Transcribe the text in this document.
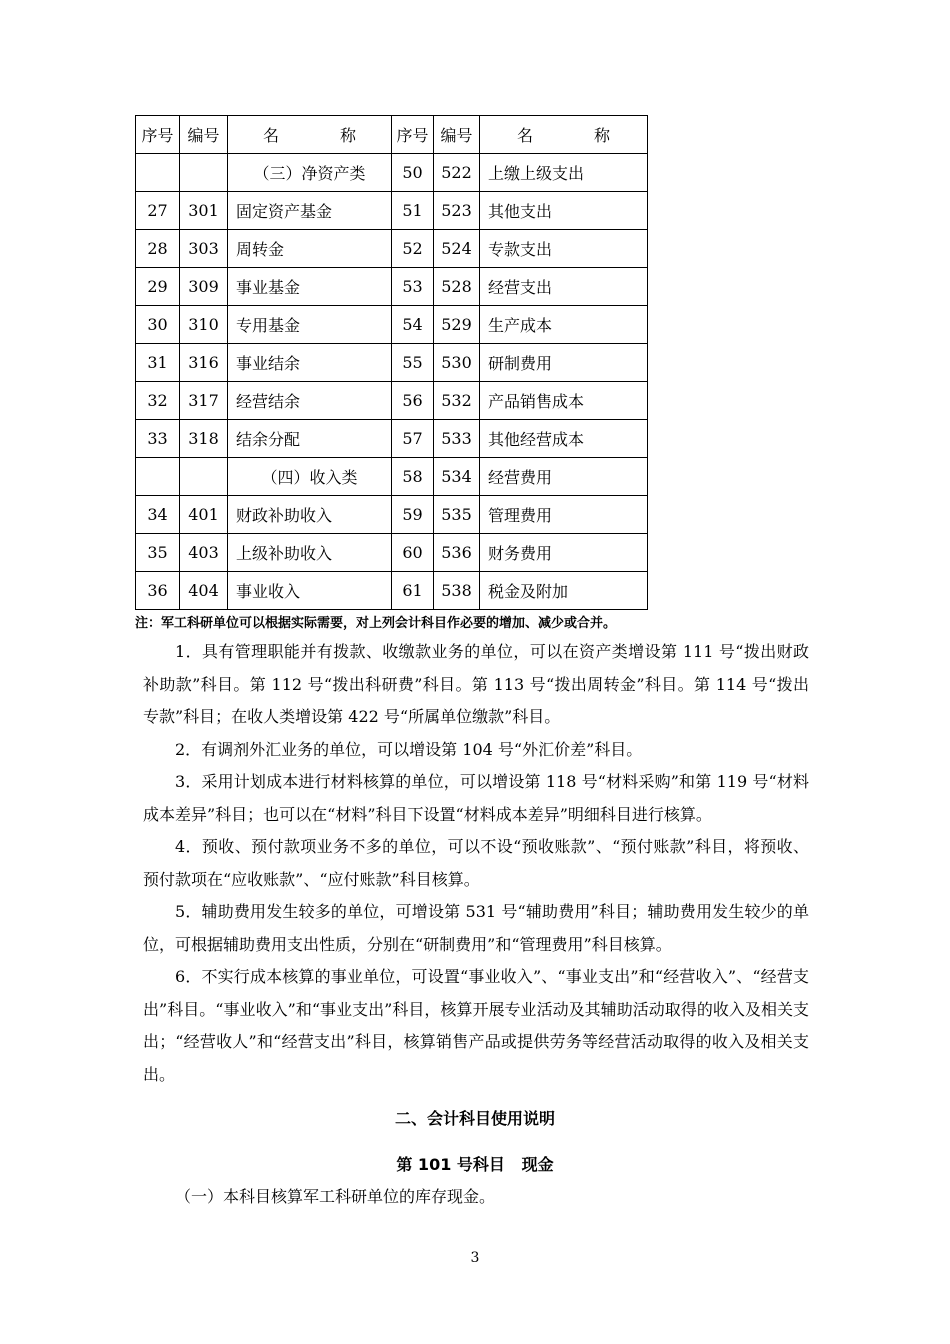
序号	编号	名 称	序号	编号	名 称
		（三）净资产类	50	522	上缴上级支出
27	301	固定资产基金	51	523	其他支出
28	303	周转金	52	524	专款支出
29	309	事业基金	53	528	经营支出
30	310	专用基金	54	529	生产成本
31	316	事业结余	55	530	研制费用
32	317	经营结余	56	532	产品销售成本
33	318	结余分配	57	533	其他经营成本
		（四）收入类	58	534	经营费用
34	401	财政补助收入	59	535	管理费用
35	403	上级补助收入	60	536	财务费用
36	404	事业收入	61	538	税金及附加
注：军工科研单位可以根据实际需要，对上列会计科目作必要的增加、减少或合并。

1．具有管理职能并有拨款、收缴款业务的单位，可以在资产类增设第 111 号“拨出财政补助款”科目。第 112 号“拨出科研费”科目。第 113 号“拨出周转金”科目。第 114 号“拨出专款”科目；在收人类增设第 422 号“所属单位缴款”科目。

2．有调剂外汇业务的单位，可以增设第 104 号“外汇价差”科目。

3．采用计划成本进行材料核算的单位，可以增设第 118 号“材料采购”和第 119 号“材料成本差异”科目；也可以在“材料”科目下设置“材料成本差异”明细科目进行核算。

4．预收、预付款项业务不多的单位，可以不设“预收账款”、“预付账款”科目，将预收、预付款项在“应收账款”、“应付账款”科目核算。

5．辅助费用发生较多的单位，可增设第 531 号“辅助费用”科目；辅助费用发生较少的单位，可根据辅助费用支出性质，分别在“研制费用”和“管理费用”科目核算。

6．不实行成本核算的事业单位，可设置“事业收入”、“事业支出”和“经营收入”、“经营支出”科目。“事业收入”和“事业支出”科目，核算开展专业活动及其辅助活动取得的收入及相关支出；“经营收人”和“经营支出”科目，核算销售产品或提供劳务等经营活动取得的收入及相关支出。

二、会计科目使用说明
第 101 号科目   现金
（一）本科目核算军工科研单位的库存现金。
3
